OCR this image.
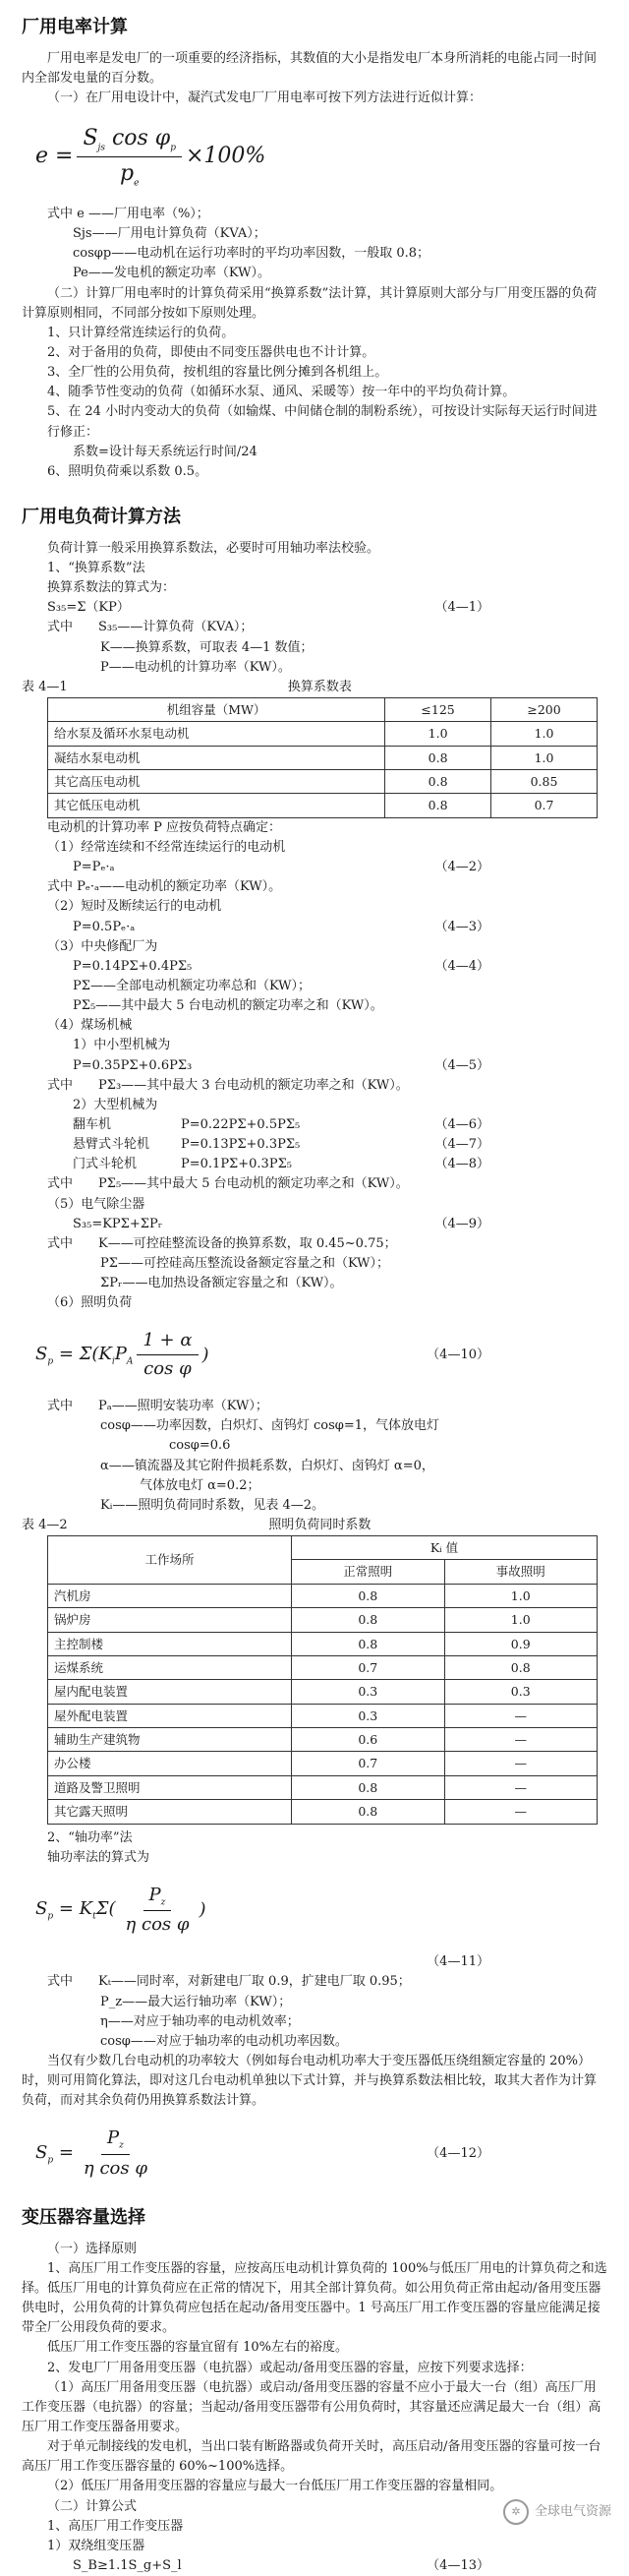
厂用电率计算

厂用电率是发电厂的一项重要的经济指标，其数值的大小是指发电厂本身所消耗的电能占同一时间内全部发电量的百分数。

（一）在厂用电设计中，凝汽式发电厂厂用电率可按下列方法进行近似计算：

$e = \frac{S_{js} \cos \varphi_p}{p_e} \times 100\%$

式中 e ——厂用电率（%）；

Sjs——厂用电计算负荷（KVA）；

cosφp——电动机在运行功率时的平均功率因数，一般取 0.8；

Pe——发电机的额定功率（KW）。

（二）计算厂用电率时的计算负荷采用“换算系数”法计算，其计算原则大部分与厂用变压器的负荷计算原则相同，不同部分按如下原则处理。

1、只计算经常连续运行的负荷。

2、对于备用的负荷，即使由不同变压器供电也不计计算。

3、全厂性的公用负荷，按机组的容量比例分摊到各机组上。

4、随季节性变动的负荷（如循环水泵、通风、采暖等）按一年中的平均负荷计算。

5、在 24 小时内变动大的负荷（如输煤、中间储仓制的制粉系统），可按设计实际每天运行时间进行修正：

系数=设计每天系统运行时间/24

6、照明负荷乘以系数 0.5。

厂用电负荷计算方法

负荷计算一般采用换算系数法，必要时可用轴功率法校验。

1、“换算系数”法

换算系数法的算式为：

S₃₅=Σ（KP）	（4—1）

式中　　S₃₅——计算负荷（KVA）；

K——换算系数，可取表 4—1 数值；

P——电动机的计算功率（KW）。

表 4—1	换算系数表
机组容量（MW）	≤125	≥200
给水泵及循环水泵电动机	1.0	1.0
凝结水泵电动机	0.8	1.0
其它高压电动机	0.8	0.85
其它低压电动机	0.8	0.7

电动机的计算功率 P 应按负荷特点确定：

（1）经常连续和不经常连续运行的电动机

P=Pₑ·ₐ	（4—2）

式中 Pₑ·ₐ——电动机的额定功率（KW）。

（2）短时及断续运行的电动机

P=0.5Pₑ·ₐ	（4—3）

（3）中央修配厂为

P=0.14PΣ+0.4PΣ₅	（4—4）

PΣ——全部电动机额定功率总和（KW）；

PΣ₅——其中最大 5 台电动机的额定功率之和（KW）。

（4）煤场机械

1）中小型机械为

P=0.35PΣ+0.6PΣ₃	（4—5）

式中　　PΣ₃——其中最大 3 台电动机的额定功率之和（KW）。

2）大型机械为

翻车机	P=0.22PΣ+0.5PΣ₅	（4—6）
悬臂式斗轮机	P=0.13PΣ+0.3PΣ₅	（4—7）
门式斗轮机	P=0.1PΣ+0.3PΣ₅	（4—8）

式中　　PΣ₅——其中最大 5 台电动机的额定功率之和（KW）。

（5）电气除尘器

S₃₅=KPΣ+ΣPᵣ	（4—9）

式中　　K——可控硅整流设备的换算系数，取 0.45~0.75；

PΣ——可控硅高压整流设备额定容量之和（KW）；

ΣPᵣ——电加热设备额定容量之和（KW）。

（6）照明负荷

$S_p = \Sigma(K_iP_A \frac{1 + \alpha}{\text{cos φ}}$ )	（4—10）

式中　　Pₐ——照明安装功率（KW）；

cosφ——功率因数，白炽灯、卤钨灯 cosφ=1，气体放电灯

cosφ=0.6

α——镇流器及其它附件损耗系数，白炽灯、卤钨灯 α=0，

气体放电灯 α=0.2；

Kᵢ——照明负荷同时系数，见表 4—2。

表 4—2	照明负荷同时系数
工作场所	Kᵢ 值	
	正常照明	事故照明
汽机房	0.8	1.0
锅炉房	0.8	1.0
主控制楼	0.8	0.9
运煤系统	0.7	0.8
屋内配电装置	0.3	0.3
屋外配电装置	0.3	—
辅助生产建筑物	0.6	—
办公楼	0.7	—
道路及警卫照明	0.8	—
其它露天照明	0.8	—

2、“轴功率”法

轴功率法的算式为

$S_p = K_t\Sigma( \frac{P_z}{\text{η cos φ}}$ )
（4—11）

式中　　Kₜ——同时率，对新建电厂取 0.9，扩建电厂取 0.95；

P_z——最大运行轴功率（KW）；

η——对应于轴功率的电动机效率；

cosφ——对应于轴功率的电动机功率因数。

当仅有少数几台电动机的功率较大（例如每台电动机功率大于变压器低压绕组额定容量的 20%）时，则可用简化算法，即对这几台电动机单独以下式计算，并与换算系数法相比较，取其大者作为计算负荷，而对其余负荷仍用换算系数法计算。

$S_p = \frac{P_z}{\text{η cos φ}}$	（4—12）
变压器容量选择

（一）选择原则

1、高压厂用工作变压器的容量，应按高压电动机计算负荷的 100%与低压厂用电的计算负荷之和选择。低压厂用电的计算负荷应在正常的情况下，用其全部计算负荷。如公用负荷正常由起动/备用变压器供电时，公用负荷的计算负荷应包括在起动/备用变压器中。1 号高压厂用工作变压器的容量应能满足接带全厂公用段负荷的要求。

低压厂用工作变压器的容量宜留有 10%左右的裕度。

2、发电厂厂用备用变压器（电抗器）或起动/备用变压器的容量，应按下列要求选择：

（1）高压厂用备用变压器（电抗器）或启动/备用变压器的容量不应小于最大一台（组）高压厂用工作变压器（电抗器）的容量；当起动/备用变压器带有公用负荷时，其容量还应满足最大一台（组）高压厂用工作变压器备用要求。

对于单元制接线的发电机，当出口装有断路器或负荷开关时，高压启动/备用变压器的容量可按一台高压厂用工作变压器容量的 60%~100%选择。

（2）低压厂用备用变压器的容量应与最大一台低压厂用工作变压器的容量相同。

（二）计算公式

1、高压厂用工作变压器

1）双绕组变压器

S_B≥1.1S_g+S_l	（4—13）
✲	全球电气资源
